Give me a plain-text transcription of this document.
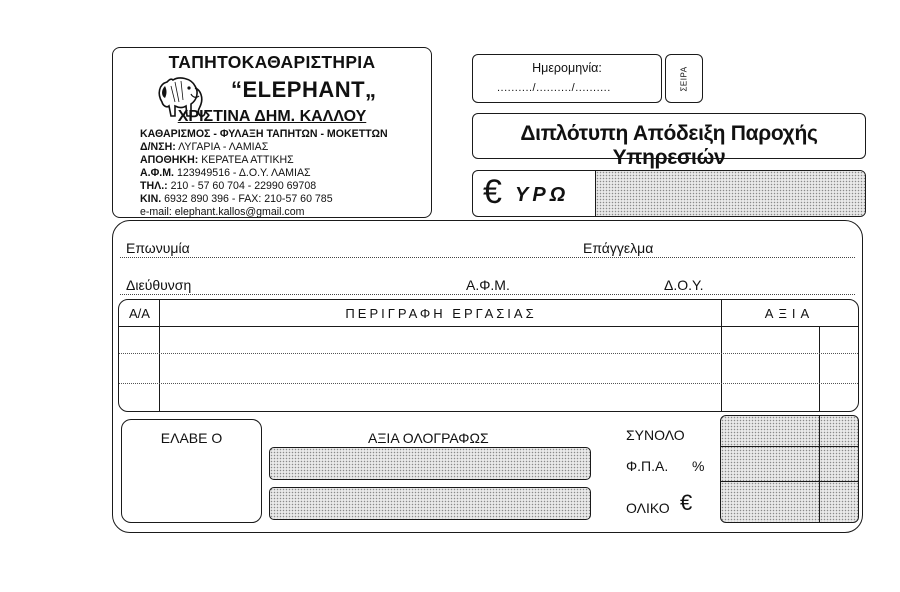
ΤΑΠΗΤΟΚΑΘΑΡΙΣΤΗΡΙΑ
“ELEPHANT„
ΧΡΙΣΤΙΝΑ ΔΗΜ. ΚΑΛΛΟΥ
ΚΑΘΑΡΙΣΜΟΣ - ΦΥΛΑΞΗ ΤΑΠΗΤΩΝ - ΜΟΚΕΤΤΩΝ
Δ/ΝΣΗ: ΛΥΓΑΡΙΑ - ΛΑΜΙΑΣ
ΑΠΟΘΗΚΗ: ΚΕΡΑΤΕΑ ΑΤΤΙΚΗΣ
Α.Φ.Μ. 123949516 - Δ.Ο.Υ. ΛΑΜΙΑΣ
ΤΗΛ.: 210 - 57 60 704 - 22990 69708
ΚΙΝ. 6932 890 396 - FAX: 210-57 60 785
e-mail: elephant.kallos@gmail.com
Ημερομηνία:
........../........../..........	ΣΕΙΡΑ
Διπλότυπη Απόδειξη Παροχής Υπηρεσιών
€ ΥΡΩ
Επωνυμία	Επάγγελμα
Διεύθυνση	Α.Φ.Μ.	Δ.Ο.Υ.
Α/Α	ΠΕΡΙΓΡΑΦΗ ΕΡΓΑΣΙΑΣ	ΑΞΙΑ
ΕΛΑΒΕ Ο	ΑΞΙΑ ΟΛΟΓΡΑΦΩΣ	ΣΥΝΟΛΟ
Φ.Π.Α. %
ΟΛΙΚΟ €
